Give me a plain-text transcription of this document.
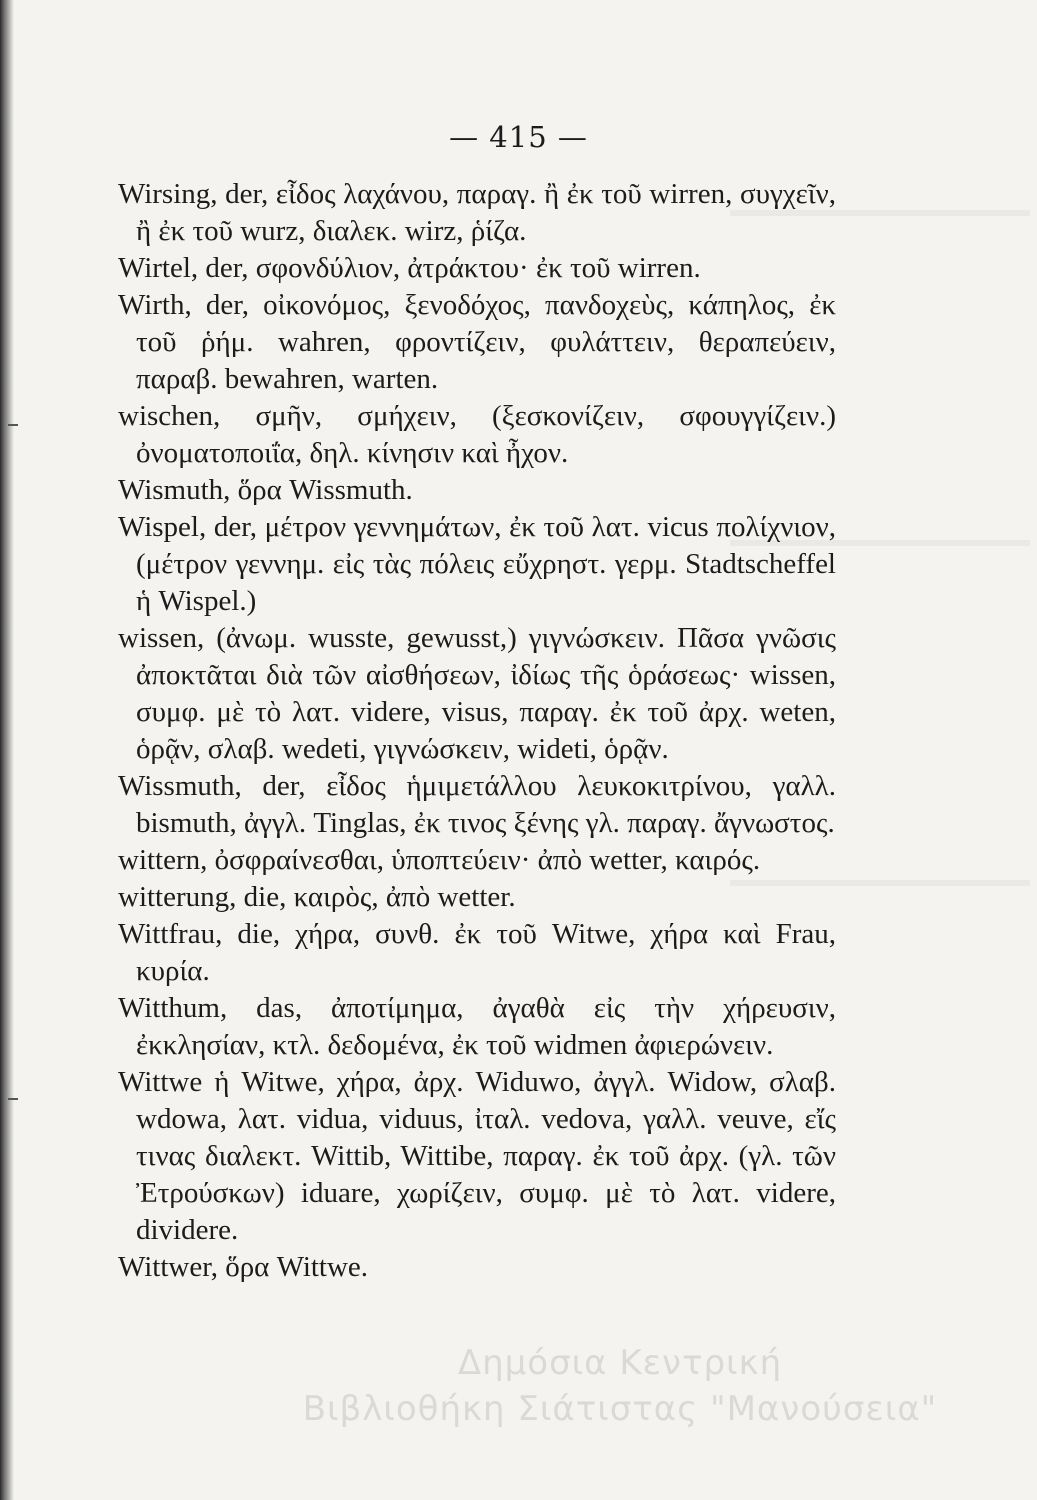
— 415 —

Wirsing, der, εἶδος λαχάνου, παραγ. ἢ ἐκ τοῦ wirren, συγχεῖν, ἢ ἐκ τοῦ wurz, διαλεκ. wirz, ῥίζα.

Wirtel, der, σφονδύλιον, ἀτράκτου· ἐκ τοῦ wirren.

Wirth, der, οἰκονόμος, ξενοδόχος, πανδοχεὺς, κάπηλος, ἐκ τοῦ ῥήμ. wahren, φροντίζειν, φυλάττειν, θεραπεύειν, παραβ. bewahren, warten.

wischen, σμῆν, σμήχειν, (ξεσκονίζειν, σφουγγίζειν.) ὀνοματοποιΐα, δηλ. κίνησιν καὶ ἦχον.

Wismuth, ὅρα Wissmuth.

Wispel, der, μέτρον γεννημάτων, ἐκ τοῦ λατ. vicus πολίχνιον, (μέτρον γεννημ. εἰς τὰς πόλεις εὔχρηστ. γερμ. Stadtscheffel ἡ Wispel.)

wissen, (ἀνωμ. wusste, gewusst,) γιγνώσκειν. Πᾶσα γνῶσις ἀποκτᾶται διὰ τῶν αἰσθήσεων, ἰδίως τῆς ὁράσεως· wissen, συμφ. μὲ τὸ λατ. videre, visus, παραγ. ἐκ τοῦ ἀρχ. weten, ὁρᾷν, σλαβ. wedeti, γιγνώσκειν, wideti, ὁρᾷν.

Wissmuth, der, εἶδος ἡμιμετάλλου λευκοκιτρίνου, γαλλ. bismuth, ἀγγλ. Tinglas, ἐκ τινος ξένης γλ. παραγ. ἄγνωστος.

wittern, ὀσφραίνεσθαι, ὑποπτεύειν· ἀπὸ wetter, καιρός.

witterung, die, καιρὸς, ἀπὸ wetter.

Wittfrau, die, χήρα, συνθ. ἐκ τοῦ Witwe, χήρα καὶ Frau, κυρία.

Witthum, das, ἀποτίμημα, ἀγαθὰ εἰς τὴν χήρευσιν, ἐκκλησίαν, κτλ. δεδομένα, ἐκ τοῦ widmen ἀφιερώνειν.

Wittwe ἡ Witwe, χήρα, ἀρχ. Widuwo, ἀγγλ. Widow, σλαβ. wdowa, λατ. vidua, viduus, ἰταλ. vedova, γαλλ. veuve, εἴς τινας διαλεκτ. Wittib, Wittibe, παραγ. ἐκ τοῦ ἀρχ. (γλ. τῶν Ἐτρούσκων) iduare, χωρίζειν, συμφ. μὲ τὸ λατ. videre, dividere.

Wittwer, ὅρα Wittwe.

Δημόσια Κεντρική
Βιβλιοθήκη Σιάτιστας "Μανούσεια"
